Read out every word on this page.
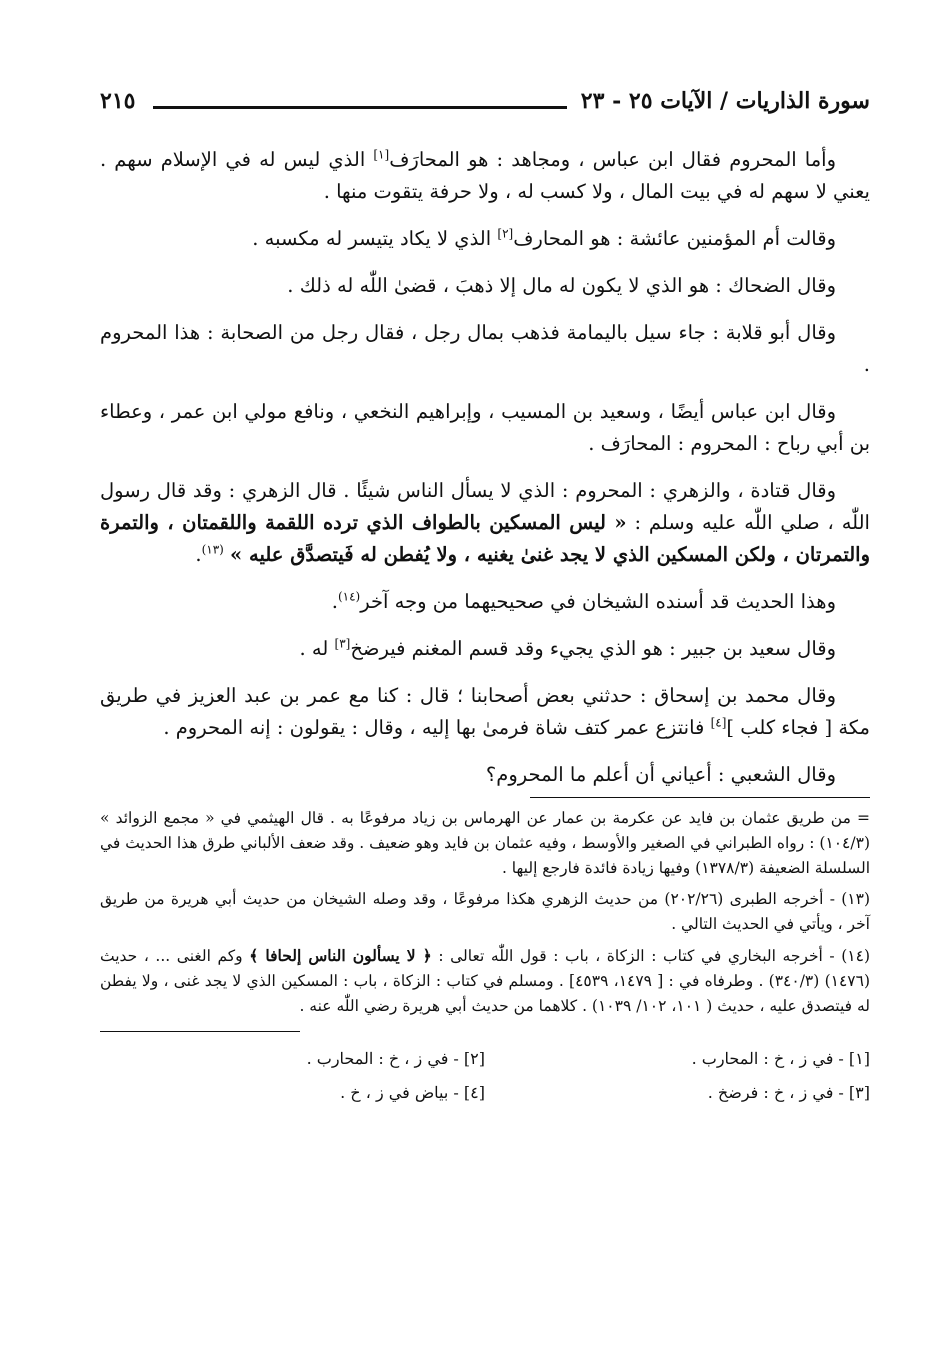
سورة الذاريات / الآيات ٢٥ - ٢٣
٢١٥

وأما المحروم فقال ابن عباس ، ومجاهد : هو المحارَف[١] الذي ليس له في الإسلام سهم . يعني لا سهم له في بيت المال ، ولا كسب له ، ولا حرفة يتقوت منها .

وقالت أم المؤمنين عائشة : هو المحارف[٢] الذي لا يكاد يتيسر له مكسبه .

وقال الضحاك : هو الذي لا يكون له مال إلا ذهبَ ، قضىٰ اللّٰه له ذلك .

وقال أبو قلابة : جاء سيل باليمامة فذهب بمال رجل ، فقال رجل من الصحابة : هذا المحروم .

وقال ابن عباس أيضًا ، وسعيد بن المسيب ، وإبراهيم النخعي ، ونافع مولي ابن عمر ، وعطاء بن أبي رباح : المحروم : المحارَف .

وقال قتادة ، والزهري : المحروم : الذي لا يسأل الناس شيئًا . قال الزهري : وقد قال رسول اللّٰه ، صلي اللّٰه عليه وسلم : « ليس المسكين بالطواف الذي ترده اللقمة واللقمتان ، والتمرة والتمرتان ، ولكن المسكين الذي لا يجد غنىٰ يغنيه ، ولا يُفطن له فَيتصدَّق عليه » $^{(١٣)}$.

وهذا الحديث قد أسنده الشيخان في صحيحيهما من وجه آخر$^{(١٤)}$.

وقال سعيد بن جبير : هو الذي يجيء وقد قسم المغنم فيرضخ[٣] له .

وقال محمد بن إسحاق : حدثني بعض أصحابنا ؛ قال : كنا مع عمر بن عبد العزيز في طريق مكة [ فجاء كلب ][٤] فانتزع عمر كتف شاة فرمىٰ بها إليه ، وقال : يقولون : إنه المحروم .

وقال الشعبي : أعياني أن أعلم ما المحروم؟

= من طريق عثمان بن فايد عن عكرمة بن عمار عن الهرماس بن زياد مرفوعًا به . قال الهيثمي في « مجمع الزوائد » (١٠٤/٣) : رواه الطبراني في الصغير والأوسط ، وفيه عثمان بن فايد وهو ضعيف . وقد ضعف الألباني طرق هذا الحديث في السلسلة الضعيفة (١٣٧٨/٣) وفيها زيادة فائدة فارجع إليها .

(١٣) - أخرجه الطبرى (٢٠٢/٢٦) من حديث الزهري هكذا مرفوعًا ، وقد وصله الشيخان من حديث أبي هريرة من طريق آخر ، ويأتي في الحديث التالي .

(١٤) - أخرجه البخاري في كتاب : الزكاة ، باب : قول اللّٰه تعالى : ﴿ لا يسألون الناس إلحافا ﴾ وكم الغنى ... ، حديث (١٤٧٦) (٣٤٠/٣) . وطرفاه في : [ ١٤٧٩، ٤٥٣٩] . ومسلم في كتاب : الزكاة ، باب : المسكين الذي لا يجد غنى ، ولا يفطن له فيتصدق عليه ، حديث ( ١٠١، ١٠٢/ ١٠٣٩) . كلاهما من حديث أبي هريرة رضي اللّٰه عنه .

[١] - في ز ، خ : المحارب .
[٢] - في ز ، خ : المحارب .
[٣] - في ز ، خ : فرضخ .
[٤] - بياض في ز ، خ .
